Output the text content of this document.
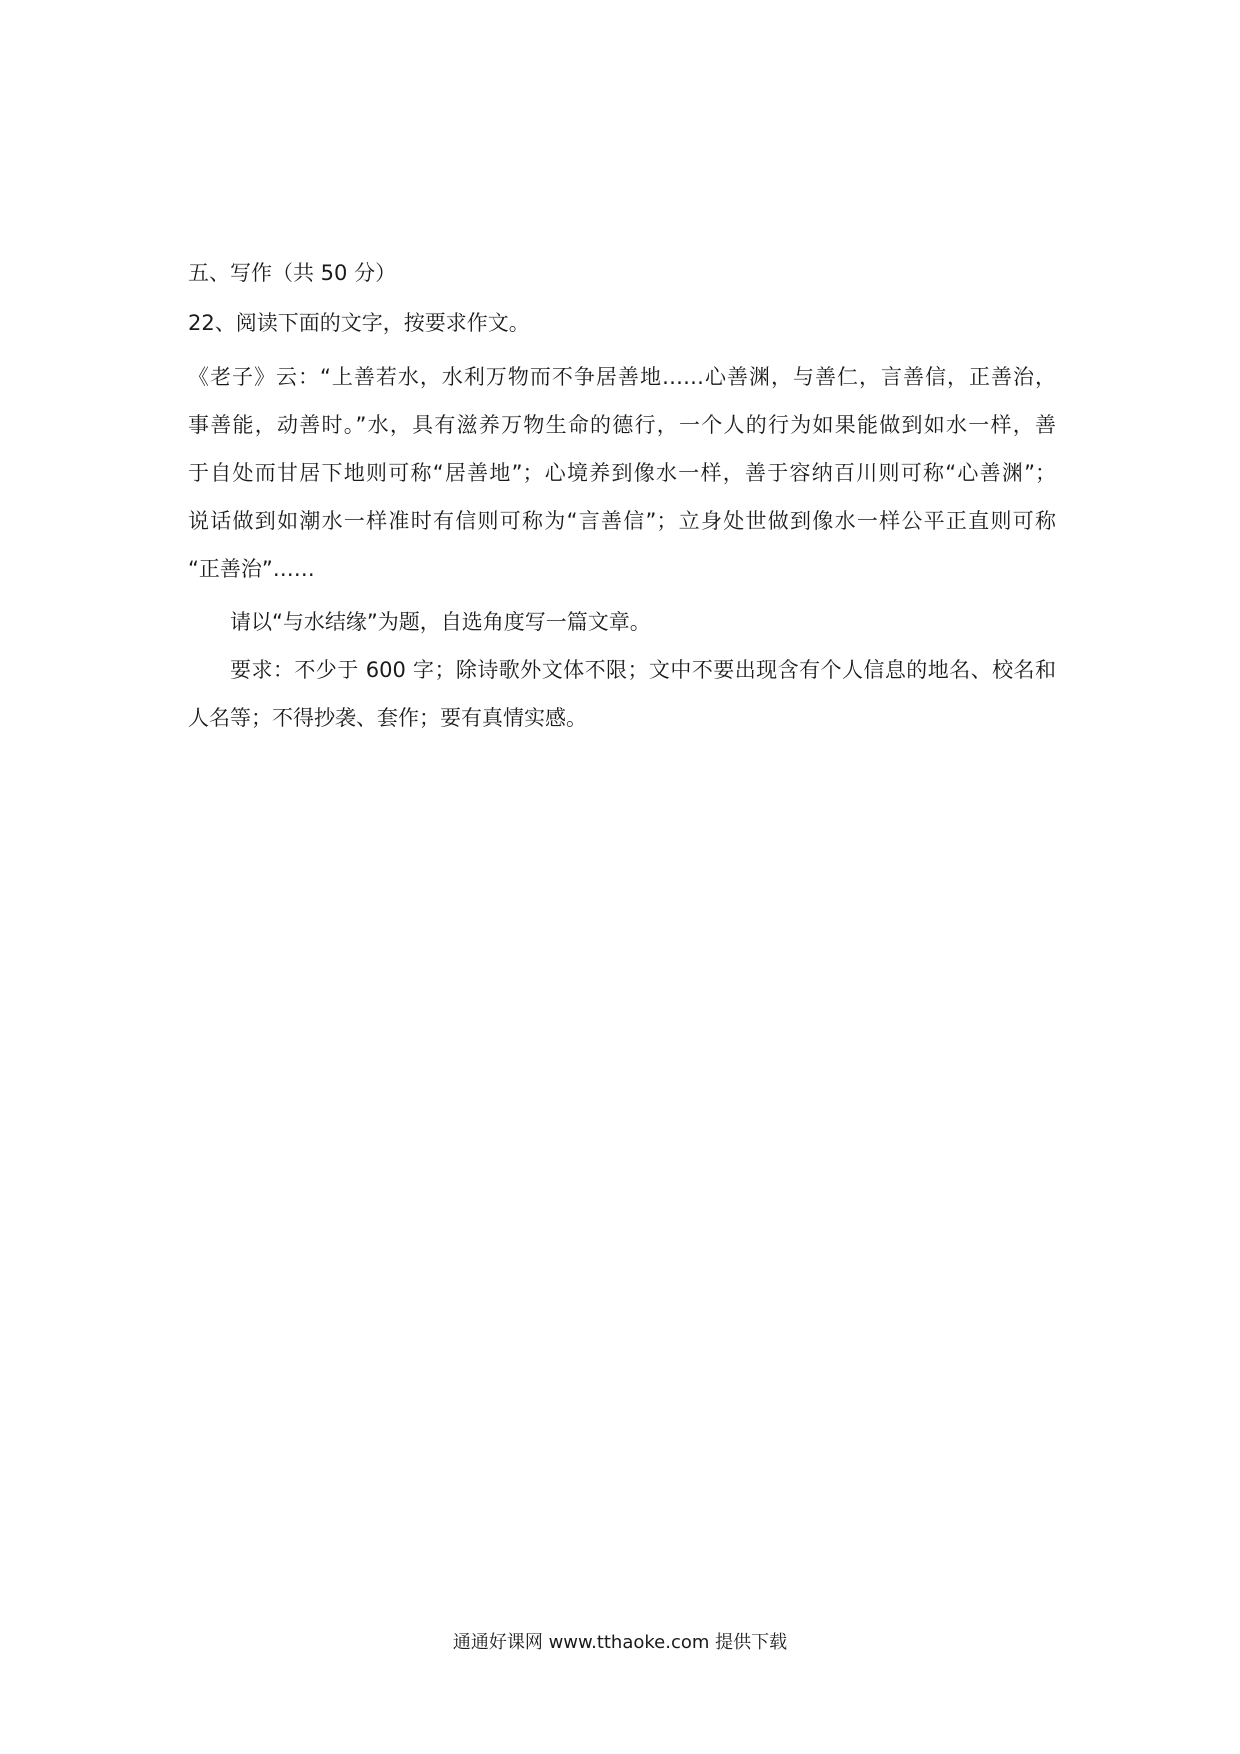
五、写作（共 50 分）
22、阅读下面的文字，按要求作文。
《老子》云：“上善若水，水利万物而不争居善地……心善渊，与善仁，言善信，正善治，
事善能，动善时。”水，具有滋养万物生命的德行，一个人的行为如果能做到如水一样，善
于自处而甘居下地则可称“居善地”；心境养到像水一样，善于容纳百川则可称“心善渊”；
说话做到如潮水一样准时有信则可称为“言善信”；立身处世做到像水一样公平正直则可称
“正善治”……
请以“与水结缘”为题，自选角度写一篇文章。
要求：不少于 600 字；除诗歌外文体不限；文中不要出现含有个人信息的地名、校名和
人名等；不得抄袭、套作；要有真情实感。
通通好课网 www.tthaoke.com 提供下载
